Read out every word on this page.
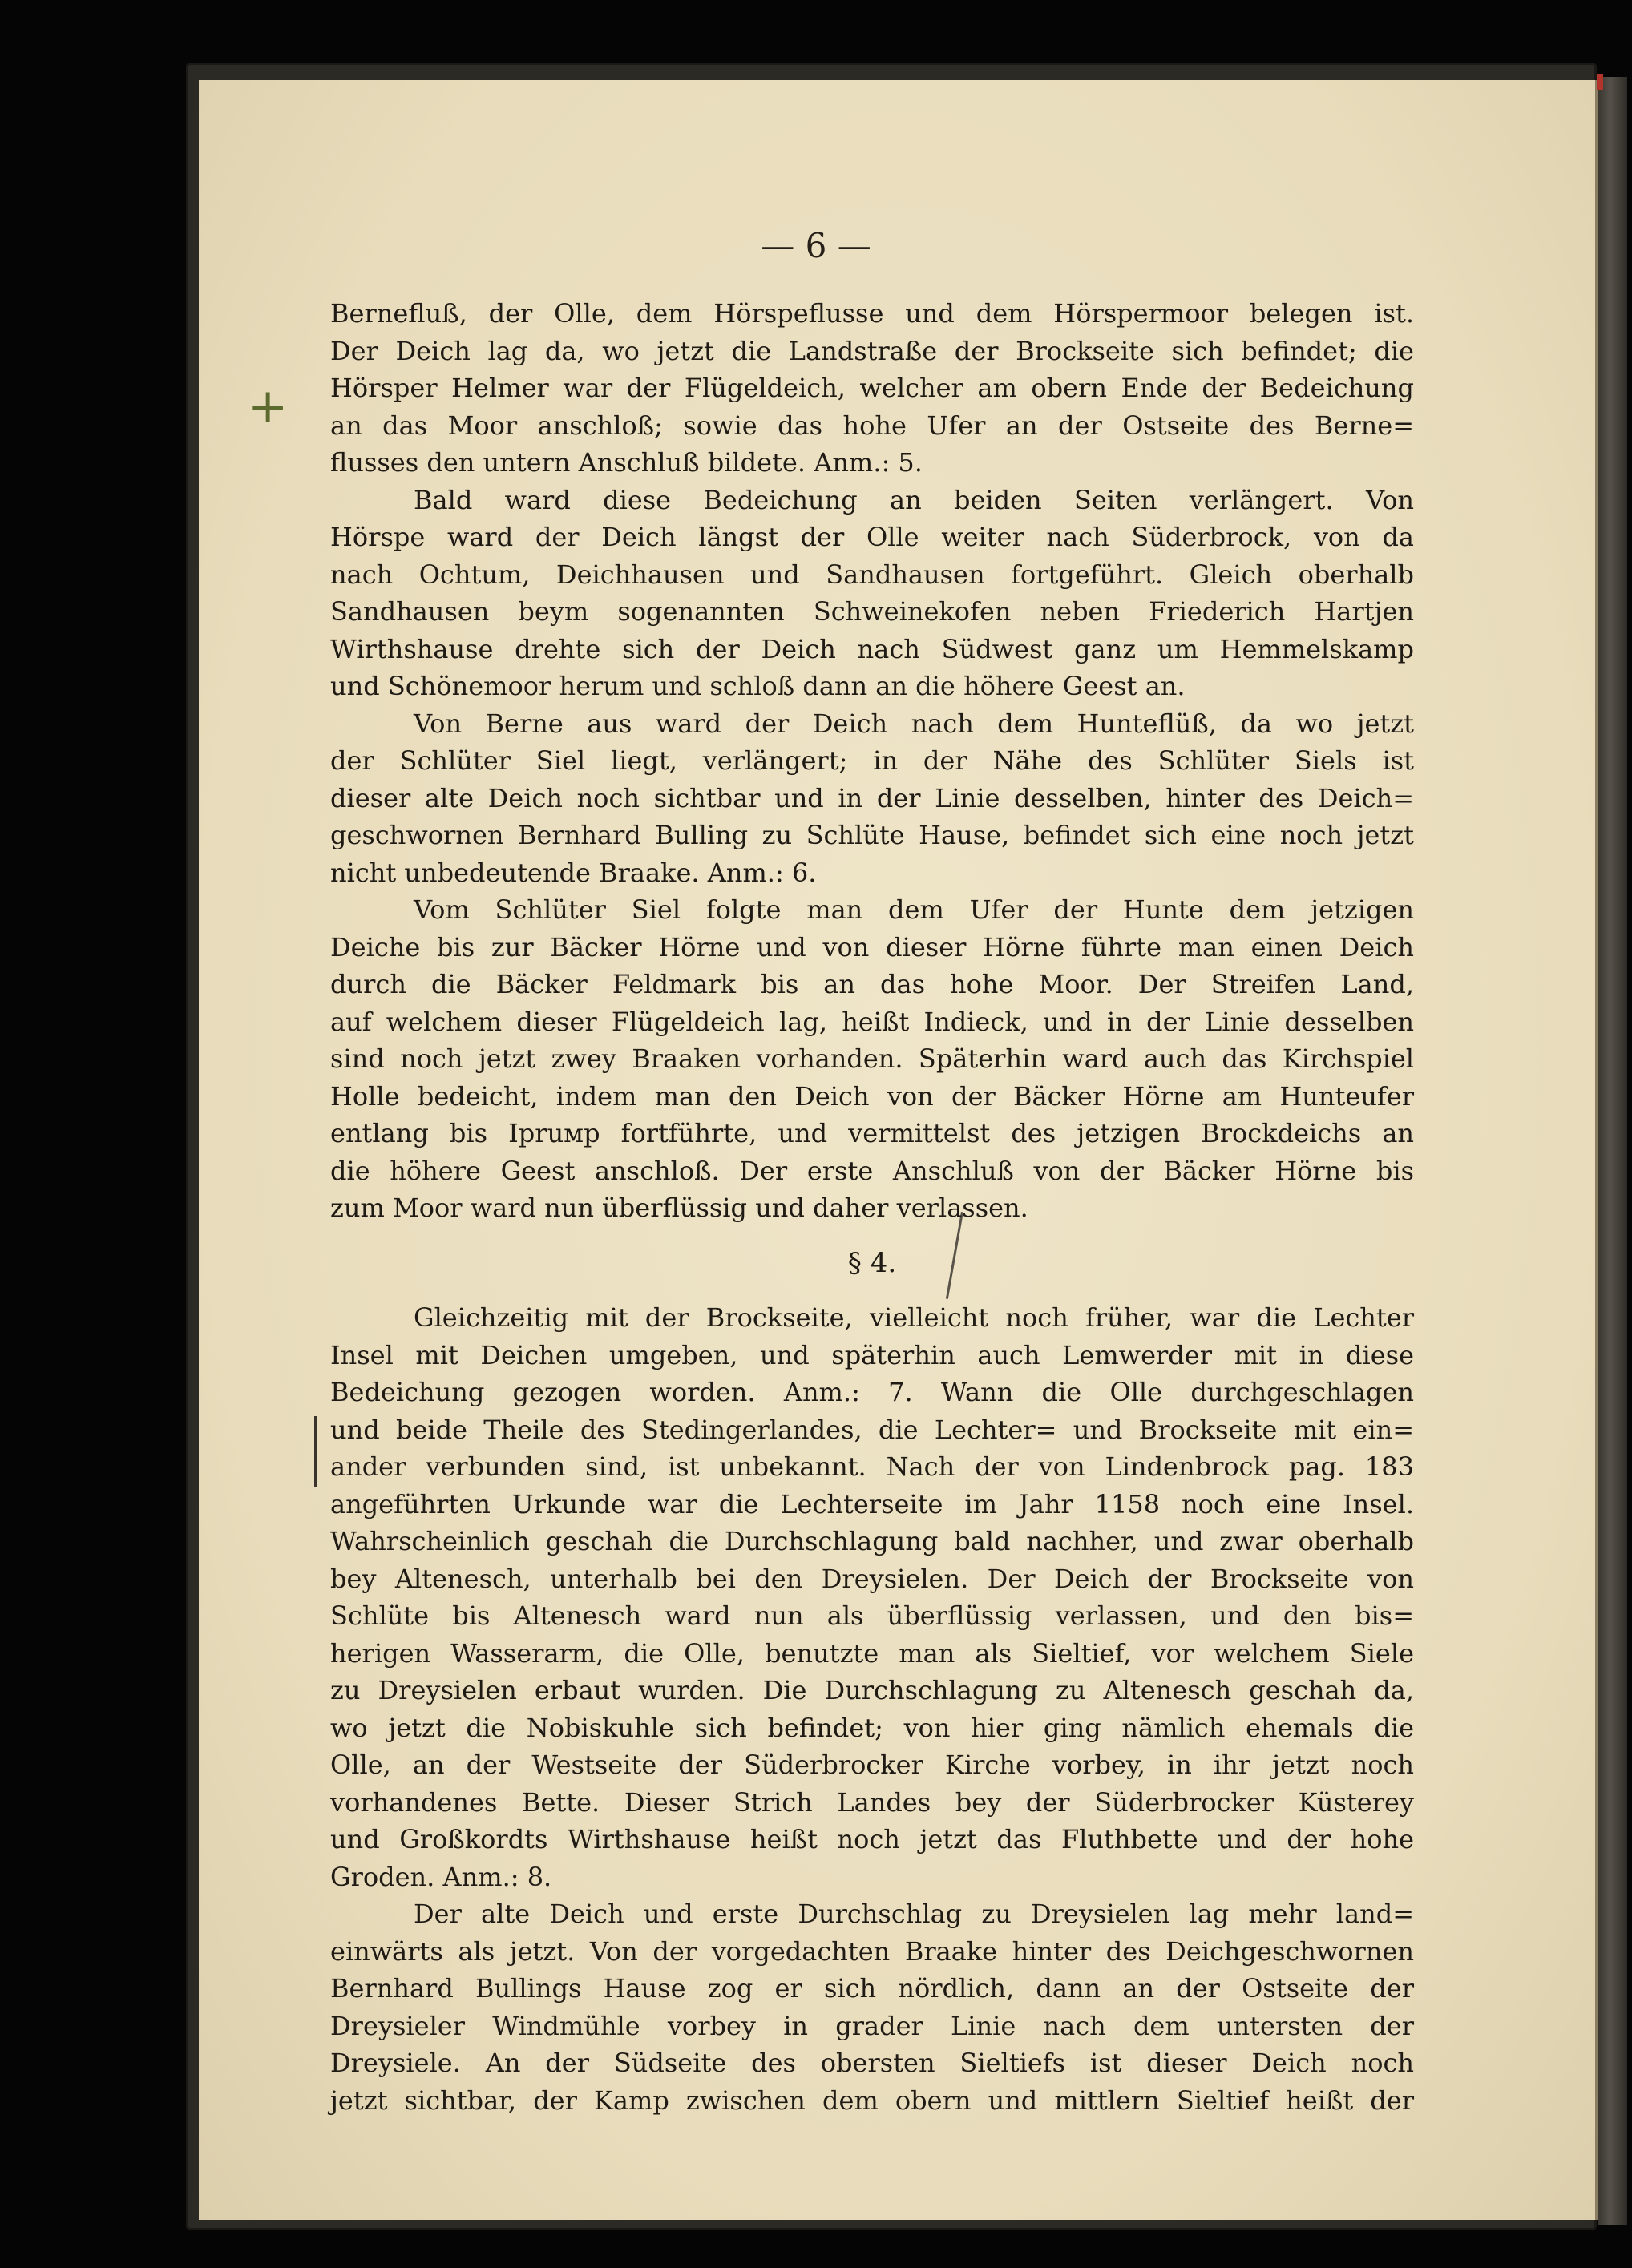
— 6 —
+
Bernefluß, der Olle, dem Hörspeflusse und dem Hörspermoor belegen ist.
Der Deich lag da, wo jetzt die Landstraße der Brockseite sich befindet; die
Hörsper Helmer war der Flügeldeich, welcher am obern Ende der Bedeichung
an das Moor anschloß; sowie das hohe Ufer an der Ostseite des Berne=
flusses den untern Anschluß bildete. Anm.: 5.
Bald ward diese Bedeichung an beiden Seiten verlängert. Von
Hörspe ward der Deich längst der Olle weiter nach Süderbrock, von da
nach Ochtum, Deichhausen und Sandhausen fortgeführt. Gleich oberhalb
Sandhausen beym sogenannten Schweinekofen neben Friederich Hartjen
Wirthshause drehte sich der Deich nach Südwest ganz um Hemmelskamp
und Schönemoor herum und schloß dann an die höhere Geest an.
Von Berne aus ward der Deich nach dem Hunteflüß, da wo jetzt
der Schlüter Siel liegt, verlängert; in der Nähe des Schlüter Siels ist
dieser alte Deich noch sichtbar und in der Linie desselben, hinter des Deich=
geschwornen Bernhard Bulling zu Schlüte Hause, befindet sich eine noch jetzt
nicht unbedeutende Braake. Anm.: 6.
Vom Schlüter Siel folgte man dem Ufer der Hunte dem jetzigen
Deiche bis zur Bäcker Hörne und von dieser Hörne führte man einen Deich
durch die Bäcker Feldmark bis an das hohe Moor. Der Streifen Land,
auf welchem dieser Flügeldeich lag, heißt Indieck, und in der Linie desselben
sind noch jetzt zwey Braaken vorhanden. Späterhin ward auch das Kirchspiel
Holle bedeicht, indem man den Deich von der Bäcker Hörne am Hunteufer
entlang bis Ipruмp fortführte, und vermittelst des jetzigen Brockdeichs an
die höhere Geest anschloß. Der erste Anschluß von der Bäcker Hörne bis
zum Moor ward nun überflüssig und daher verlassen.
§ 4.
Gleichzeitig mit der Brockseite, vielleicht noch früher, war die Lechter
Insel mit Deichen umgeben, und späterhin auch Lemwerder mit in diese
Bedeichung gezogen worden. Anm.: 7. Wann die Olle durchgeschlagen
und beide Theile des Stedingerlandes, die Lechter= und Brockseite mit ein=
ander verbunden sind, ist unbekannt. Nach der von Lindenbrock pag. 183
angeführten Urkunde war die Lechterseite im Jahr 1158 noch eine Insel.
Wahrscheinlich geschah die Durchschlagung bald nachher, und zwar oberhalb
bey Altenesch, unterhalb bei den Dreysielen. Der Deich der Brockseite von
Schlüte bis Altenesch ward nun als überflüssig verlassen, und den bis=
herigen Wasserarm, die Olle, benutzte man als Sieltief, vor welchem Siele
zu Dreysielen erbaut wurden. Die Durchschlagung zu Altenesch geschah da,
wo jetzt die Nobiskuhle sich befindet; von hier ging nämlich ehemals die
Olle, an der Westseite der Süderbrocker Kirche vorbey, in ihr jetzt noch
vorhandenes Bette. Dieser Strich Landes bey der Süderbrocker Küsterey
und Großkordts Wirthshause heißt noch jetzt das Fluthbette und der hohe
Groden. Anm.: 8.
Der alte Deich und erste Durchschlag zu Dreysielen lag mehr land=
einwärts als jetzt. Von der vorgedachten Braake hinter des Deichgeschwornen
Bernhard Bullings Hause zog er sich nördlich, dann an der Ostseite der
Dreysieler Windmühle vorbey in grader Linie nach dem untersten der
Dreysiele. An der Südseite des obersten Sieltiefs ist dieser Deich noch
jetzt sichtbar, der Kamp zwischen dem obern und mittlern Sieltief heißt der
